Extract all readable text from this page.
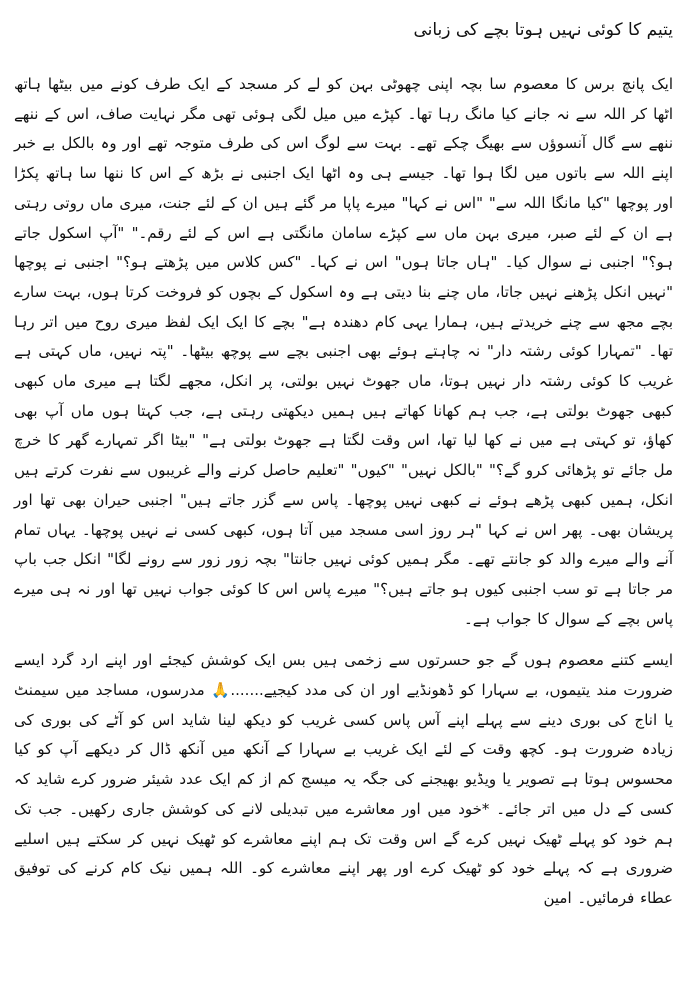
یتیم کا کوئی نہیں ہوتا بچے کی زبانی

ایک پانچ برس کا معصوم سا بچہ اپنی چھوٹی بہن کو لے کر مسجد کے ایک طرف کونے میں بیٹھا ہاتھ اٹھا کر اللہ سے نہ جانے کیا مانگ رہا تھا۔ کپڑے میں میل لگی ہوئی تھی مگر نہایت صاف، اس کے ننھے ننھے سے گال آنسوؤں سے بھیگ چکے تھے۔ بہت سے لوگ اس کی طرف متوجہ تھے اور وہ بالکل بے خبر اپنے اللہ سے باتوں میں لگا ہوا تھا۔ جیسے ہی وہ اٹھا ایک اجنبی نے بڑھ کے اس کا ننھا سا ہاتھ پکڑا اور پوچھا "کیا مانگا اللہ سے" "اس نے کہا" میرے پاپا مر گئے ہیں ان کے لئے جنت، میری ماں روتی رہتی ہے ان کے لئے صبر، میری بہن ماں سے کپڑے سامان مانگتی ہے اس کے لئے رقم۔" "آپ اسکول جاتے ہو؟" اجنبی نے سوال کیا۔ "ہاں جاتا ہوں" اس نے کہا۔ "کس کلاس میں پڑھتے ہو؟" اجنبی نے پوچھا "نہیں انکل پڑھنے نہیں جاتا، ماں چنے بنا دیتی ہے وہ اسکول کے بچوں کو فروخت کرتا ہوں، بہت سارے بچے مجھ سے چنے خریدتے ہیں، ہمارا یہی کام دھندہ ہے" بچے کا ایک ایک لفظ میری روح میں اتر رہا تھا۔ "تمہارا کوئی رشتہ دار" نہ چاہتے ہوئے بھی اجنبی بچے سے پوچھ بیٹھا۔ "پتہ نہیں، ماں کہتی ہے غریب کا کوئی رشتہ دار نہیں ہوتا، ماں جھوٹ نہیں بولتی، پر انکل، مجھے لگتا ہے میری ماں کبھی کبھی جھوٹ بولتی ہے، جب ہم کھانا کھاتے ہیں ہمیں دیکھتی رہتی ہے، جب کہتا ہوں ماں آپ بھی کھاؤ، تو کہتی ہے میں نے کھا لیا تھا، اس وقت لگتا ہے جھوٹ بولتی ہے" "بیٹا اگر تمہارے گھر کا خرچ مل جائے تو پڑھائی کرو گے؟" "بالکل نہیں" "کیوں" "تعلیم حاصل کرنے والے غریبوں سے نفرت کرتے ہیں انکل، ہمیں کبھی پڑھے ہوئے نے کبھی نہیں پوچھا۔ پاس سے گزر جاتے ہیں" اجنبی حیران بھی تھا اور پریشان بھی۔ پھر اس نے کہا "ہر روز اسی مسجد میں آتا ہوں، کبھی کسی نے نہیں پوچھا۔ یہاں تمام آنے والے میرے والد کو جانتے تھے۔ مگر ہمیں کوئی نہیں جانتا" بچہ زور زور سے رونے لگا" انکل جب باپ مر جاتا ہے تو سب اجنبی کیوں ہو جاتے ہیں؟" میرے پاس اس کا کوئی جواب نہیں تھا اور نہ ہی میرے پاس بچے کے سوال کا جواب ہے۔

ایسے کتنے معصوم ہوں گے جو حسرتوں سے زخمی ہیں بس ایک کوشش کیجئے اور اپنے ارد گرد ایسے ضرورت مند یتیموں، بے سہارا کو ڈھونڈیے اور ان کی مدد کیجیے.......🙏 مدرسوں، مساجد میں سیمنٹ یا اناج کی بوری دینے سے پہلے اپنے آس پاس کسی غریب کو دیکھ لینا شاید اس کو آٹے کی بوری کی زیادہ ضرورت ہو۔ کچھ وقت کے لئے ایک غریب بے سہارا کے آنکھ میں آنکھ ڈال کر دیکھے آپ کو کیا محسوس ہوتا ہے تصویر یا ویڈیو بھیجنے کی جگہ یہ میسج کم از کم ایک عدد شیئر ضرور کرے شاید کہ کسی کے دل میں اتر جائے۔ *خود میں اور معاشرے میں تبدیلی لانے کی کوشش جاری رکھیں۔ جب تک ہم خود کو پہلے ٹھیک نہیں کرے گے اس وقت تک ہم اپنے معاشرے کو ٹھیک نہیں کر سکتے ہیں اسلیے ضروری ہے کہ پہلے خود کو ٹھیک کرے اور پھر اپنے معاشرے کو۔ اللہ ہمیں نیک کام کرنے کی توفیق عطاء فرمائیں۔ امین
